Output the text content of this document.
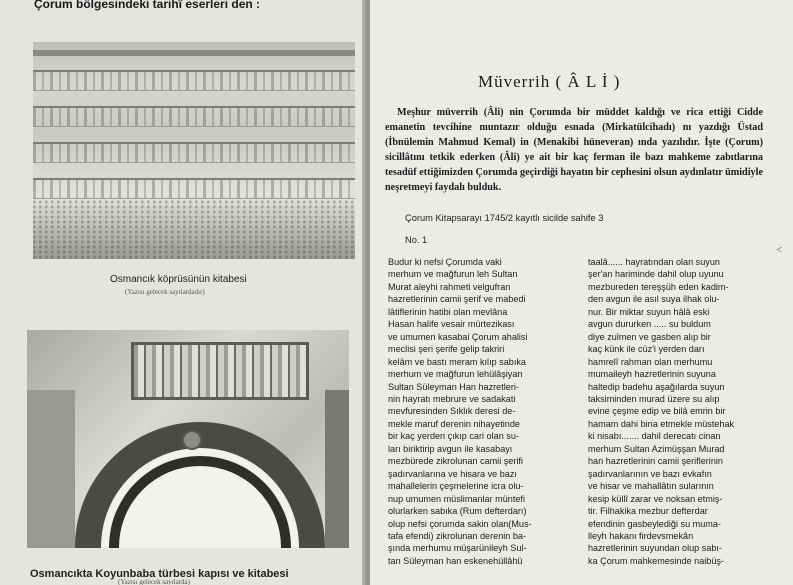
Çorum bölgesindeki tarihî eserleri den :
Osmancık köprüsünün kitabesi
(Yazısı gelecek sayılardadır)
Osmancıkta Koyunbaba türbesi kapısı ve kitabesi
(Yazısı gelecek sayılarda)
Müverrih ( Â L İ )

Meşhur müverrih (Âli) nin Çorumda bir müddet kaldığı ve rica ettiği Cidde emanetin tevcihine muntazır olduğu esnada (Mirkatülcihadı) nı yazdığı Üstad (İbnülemin Mahmud Kemal) in (Menakibi hüneveran) ında yazılıdır. İşte (Çorum) sicillâtını tetkik ederken (Âli) ye ait bir kaç ferman ile bazı mahkeme zabıtlarına tesadüf ettiğimizden Çorumda geçirdiği hayatın bir cephesini olsun aydınlatır ümidiyle neşretmeyi faydalı bulduk.

Çorum Kitapsarayı 1745/2 kayıtlı sicilde sahife 3
No. 1
<
Budur ki nefsi Çorumda vaki
merhum ve mağfurun leh Sultan
Murat aleyhi rahmeti velgufran
hazretlerinin camii şerif ve mabedi
lâtiflerinin hatibi olan mevlâna
Hasan halife vesair mürtezikası
ve umumen kasabai Çorum ahalisi
meclisi şeri şerife gelip takriri
kelâm ve bastı meram kılıp sabıka
merhum ve mağfurun lehülâşiyan
Sultan Süleyman Han hazretleri-
nin hayratı mebrure ve sadakati
mevfuresinden Sıklık deresi de-
mekle maruf derenin nihayetinde
bir kaç yerden çıkıp cari olan su-
ları biriktirip avgun ile kasabayı
mezbürede zikrolunan camii şerifi
şadırvanlarına ve hisara ve bazı
mahallelerin çeşmelerine icra olu-
nup umumen müslimanlar müntefi
olurlarken sabıka (Rum defterdarı)
olup nefsi çorumda sakin olan(Mus-
tafa efendi) zikrolunan derenin ba-
şında merhumu müşarünileyh Sul-
tan Süleyman han eskenehüllâhü
taalâ...... hayratından olan suyun
şer'an hariminde dahil olup uyunu
mezbureden tereşşüh eden kadim-
den avgun ile asıl suya ilhak olu-
nur. Bir miktar suyun hâlâ eski
avgun dururken ..... su buldum
diye zulmen ve gasben alıp bir
kaç künk ile cüz'i yerden darı
hamrelî rahman olan merhumu
mumaileyh hazretlerinin suyuna
haltedip badehu aşağılarda suyun
taksiminden murad üzere su alıp
evine çeşme edip ve bilâ emrin bir
hamam dahi bina etmekle müstehak
ki nisabı....... dahil derecatı cinan
merhum Sultan Azimüşşan Murad
han hazretlerinin camii şeriflerinin
şadırvanlarının ve bazı evkafın
ve hisar ve mahallâtın sularının
kesip küllî zarar ve noksan etmiş-
tir. Filhakika mezbur defterdar
efendinin gasbeylediği su muma-
lleyh hakanı firdevsmekân
hazretlerinin suyundan olup sabı-
ka Çorum mahkemesinde naibüş-
